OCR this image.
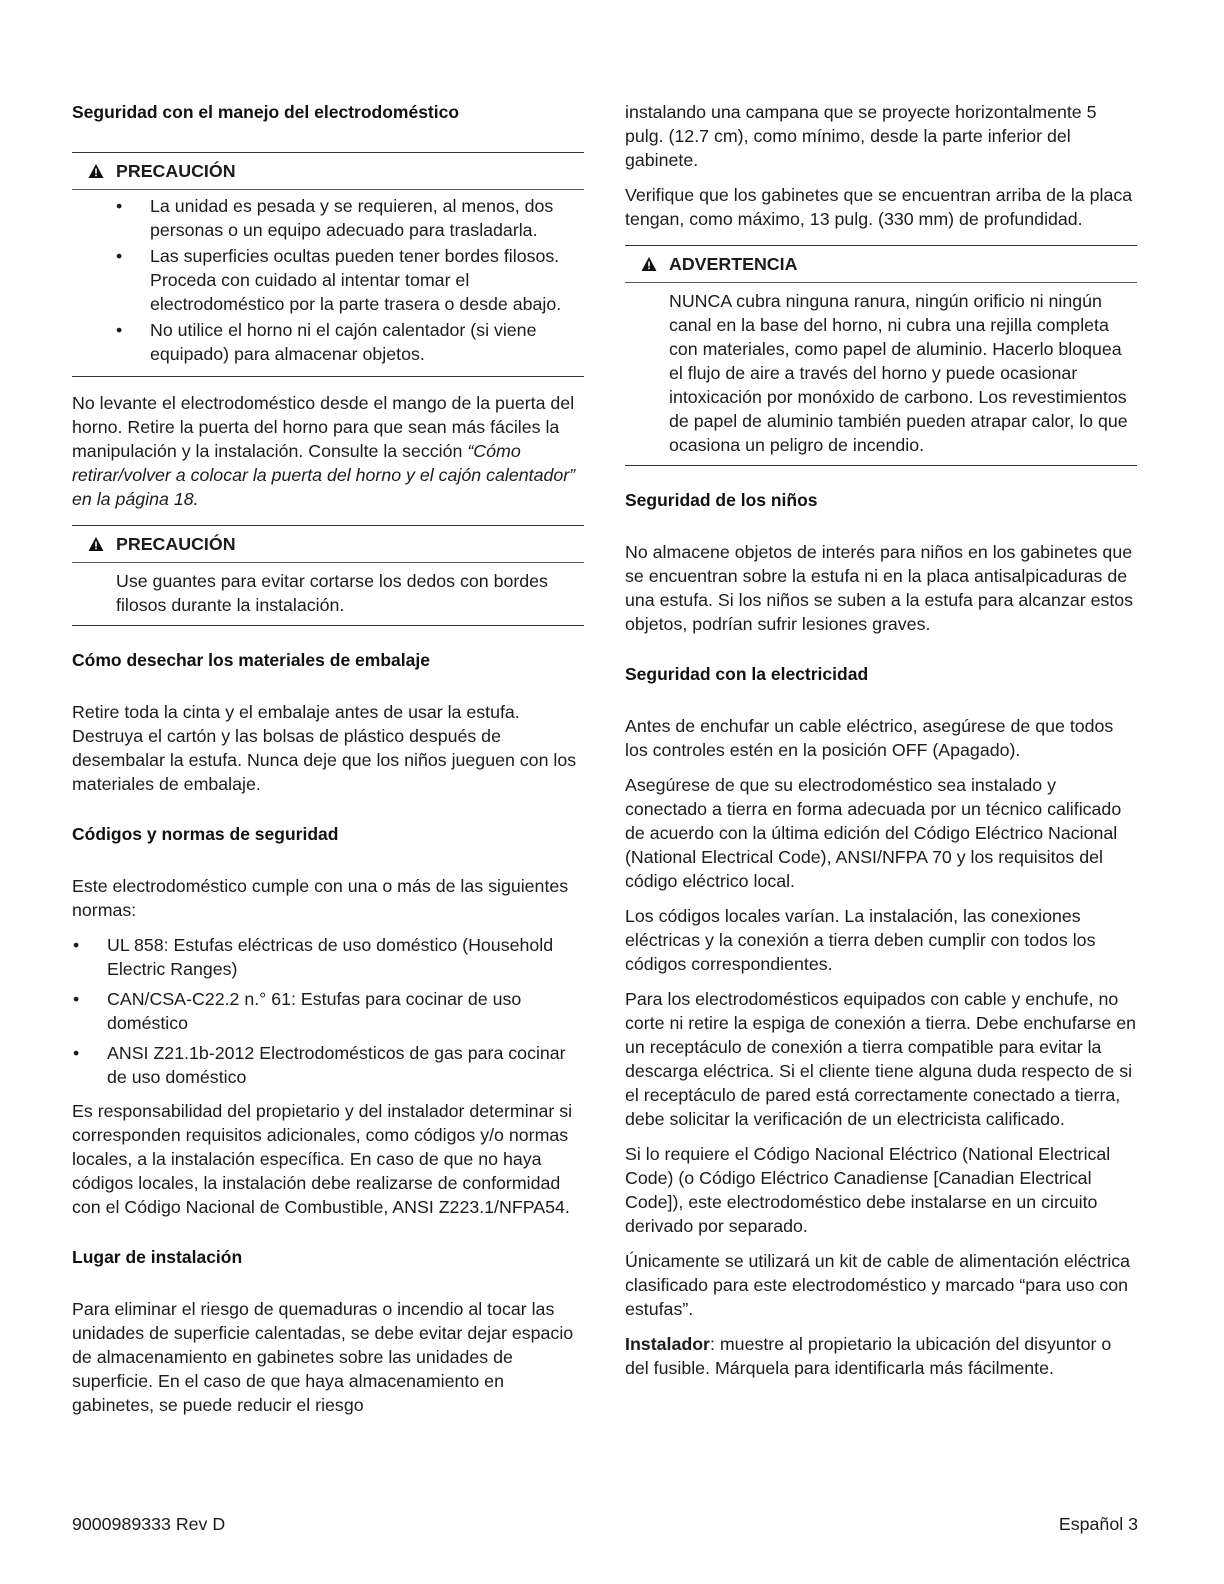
Seguridad con el manejo del electrodoméstico
PRECAUCIÓN
• La unidad es pesada y se requieren, al menos, dos personas o un equipo adecuado para trasladarla.
• Las superficies ocultas pueden tener bordes filosos. Proceda con cuidado al intentar tomar el electrodoméstico por la parte trasera o desde abajo.
• No utilice el horno ni el cajón calentador (si viene equipado) para almacenar objetos.

No levante el electrodoméstico desde el mango de la puerta del horno. Retire la puerta del horno para que sean más fáciles la manipulación y la instalación. Consulte la sección “Cómo retirar/volver a colocar la puerta del horno y el cajón calentador” en la página 18.

PRECAUCIÓN

Use guantes para evitar cortarse los dedos con bordes filosos durante la instalación.

Cómo desechar los materiales de embalaje

Retire toda la cinta y el embalaje antes de usar la estufa. Destruya el cartón y las bolsas de plástico después de desembalar la estufa. Nunca deje que los niños jueguen con los materiales de embalaje.

Códigos y normas de seguridad

Este electrodoméstico cumple con una o más de las siguientes normas:

• UL 858: Estufas eléctricas de uso doméstico (Household Electric Ranges)
• CAN/CSA-C22.2 n.° 61: Estufas para cocinar de uso doméstico
• ANSI Z21.1b-2012 Electrodomésticos de gas para cocinar de uso doméstico

Es responsabilidad del propietario y del instalador determinar si corresponden requisitos adicionales, como códigos y/o normas locales, a la instalación específica. En caso de que no haya códigos locales, la instalación debe realizarse de conformidad con el Código Nacional de Combustible, ANSI Z223.1/NFPA54.

Lugar de instalación

Para eliminar el riesgo de quemaduras o incendio al tocar las unidades de superficie calentadas, se debe evitar dejar espacio de almacenamiento en gabinetes sobre las unidades de superficie. En el caso de que haya almacenamiento en gabinetes, se puede reducir el riesgo

instalando una campana que se proyecte horizontalmente 5 pulg. (12.7 cm), como mínimo, desde la parte inferior del gabinete.

Verifique que los gabinetes que se encuentran arriba de la placa tengan, como máximo, 13 pulg. (330 mm) de profundidad.

ADVERTENCIA

NUNCA cubra ninguna ranura, ningún orificio ni ningún canal en la base del horno, ni cubra una rejilla completa con materiales, como papel de aluminio. Hacerlo bloquea el flujo de aire a través del horno y puede ocasionar intoxicación por monóxido de carbono. Los revestimientos de papel de aluminio también pueden atrapar calor, lo que ocasiona un peligro de incendio.

Seguridad de los niños

No almacene objetos de interés para niños en los gabinetes que se encuentran sobre la estufa ni en la placa antisalpicaduras de una estufa. Si los niños se suben a la estufa para alcanzar estos objetos, podrían sufrir lesiones graves.

Seguridad con la electricidad

Antes de enchufar un cable eléctrico, asegúrese de que todos los controles estén en la posición OFF (Apagado).

Asegúrese de que su electrodoméstico sea instalado y conectado a tierra en forma adecuada por un técnico calificado de acuerdo con la última edición del Código Eléctrico Nacional (National Electrical Code), ANSI/NFPA 70 y los requisitos del código eléctrico local.

Los códigos locales varían. La instalación, las conexiones eléctricas y la conexión a tierra deben cumplir con todos los códigos correspondientes.

Para los electrodomésticos equipados con cable y enchufe, no corte ni retire la espiga de conexión a tierra. Debe enchufarse en un receptáculo de conexión a tierra compatible para evitar la descarga eléctrica. Si el cliente tiene alguna duda respecto de si el receptáculo de pared está correctamente conectado a tierra, debe solicitar la verificación de un electricista calificado.

Si lo requiere el Código Nacional Eléctrico (National Electrical Code) (o Código Eléctrico Canadiense [Canadian Electrical Code]), este electrodoméstico debe instalarse en un circuito derivado por separado.

Únicamente se utilizará un kit de cable de alimentación eléctrica clasificado para este electrodoméstico y marcado “para uso con estufas”.

Instalador: muestre al propietario la ubicación del disyuntor o del fusible. Márquela para identificarla más fácilmente.

9000989333 Rev D	Español 3
